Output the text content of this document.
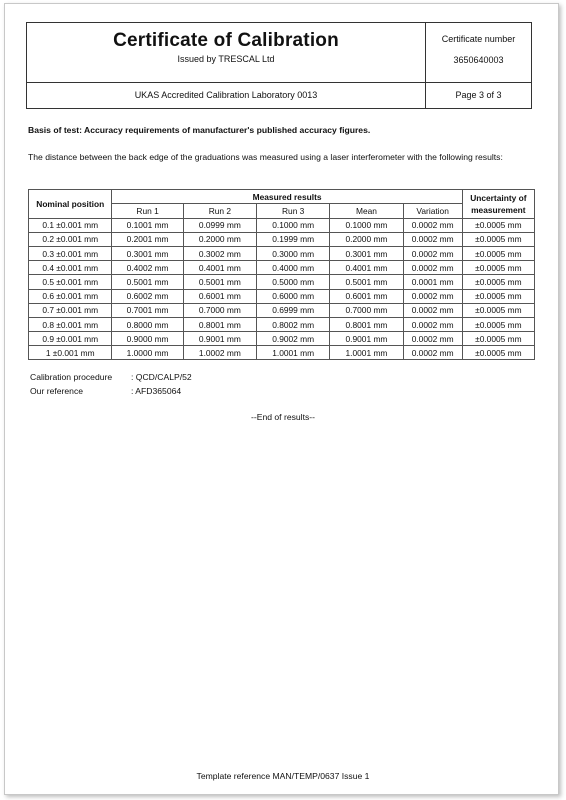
Certificate of Calibration
Issued by TRESCAL Ltd
Certificate number
3650640003
UKAS Accredited Calibration Laboratory 0013	Page 3 of 3
Basis of test: Accuracy requirements of manufacturer's published accuracy figures.
The distance between the back edge of the graduations was measured using a laser interferometer with the following results:
Nominal position	Measured results					Uncertainty of measurement
	Run 1	Run 2	Run 3	Mean	Variation	
0.1 ±0.001 mm	0.1001 mm	0.0999 mm	0.1000 mm	0.1000 mm	0.0002 mm	±0.0005 mm
0.2 ±0.001 mm	0.2001 mm	0.2000 mm	0.1999 mm	0.2000 mm	0.0002 mm	±0.0005 mm
0.3 ±0.001 mm	0.3001 mm	0.3002 mm	0.3000 mm	0.3001 mm	0.0002 mm	±0.0005 mm
0.4 ±0.001 mm	0.4002 mm	0.4001 mm	0.4000 mm	0.4001 mm	0.0002 mm	±0.0005 mm
0.5 ±0.001 mm	0.5001 mm	0.5001 mm	0.5000 mm	0.5001 mm	0.0001 mm	±0.0005 mm
0.6 ±0.001 mm	0.6002 mm	0.6001 mm	0.6000 mm	0.6001 mm	0.0002 mm	±0.0005 mm
0.7 ±0.001 mm	0.7001 mm	0.7000 mm	0.6999 mm	0.7000 mm	0.0002 mm	±0.0005 mm
0.8 ±0.001 mm	0.8000 mm	0.8001 mm	0.8002 mm	0.8001 mm	0.0002 mm	±0.0005 mm
0.9 ±0.001 mm	0.9000 mm	0.9001 mm	0.9002 mm	0.9001 mm	0.0002 mm	±0.0005 mm
1 ±0.001 mm	1.0000 mm	1.0002 mm	1.0001 mm	1.0001 mm	0.0002 mm	±0.0005 mm
Calibration procedure : QCD/CALP/52
Our reference	: AFD365064
--End of results--
Template reference MAN/TEMP/0637 Issue 1
